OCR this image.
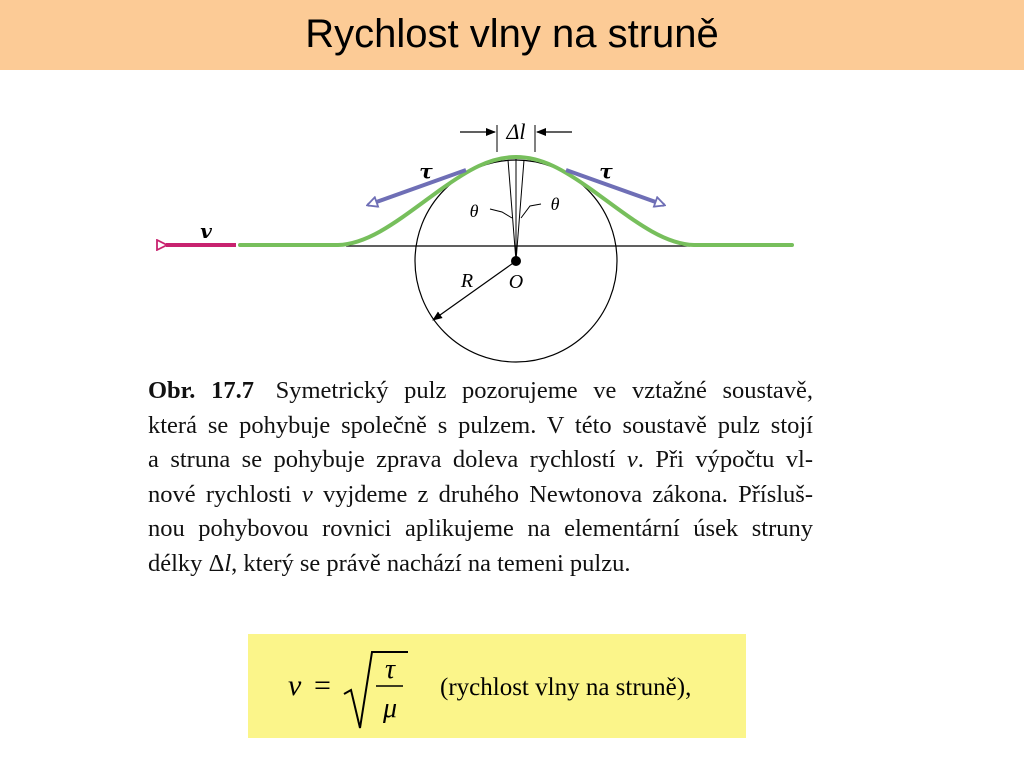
Rychlost vlny na struně
Δl
θ	θ
τ	τ
v
O
R
Obr. 17.7 Symetrický pulz pozorujeme ve vztažné soustavě,
která se pohybuje společně s pulzem. V této soustavě pulz stojí
a struna se pohybuje zprava doleva rychlostí v. Při výpočtu vl-
nové rychlosti v vyjdeme z druhého Newtonova zákona. Přísluš-
nou pohybovou rovnici aplikujeme na elementární úsek struny
délky Δl, který se právě nachází na temeni pulzu.
v = τ
μ
(rychlost vlny na struně),
